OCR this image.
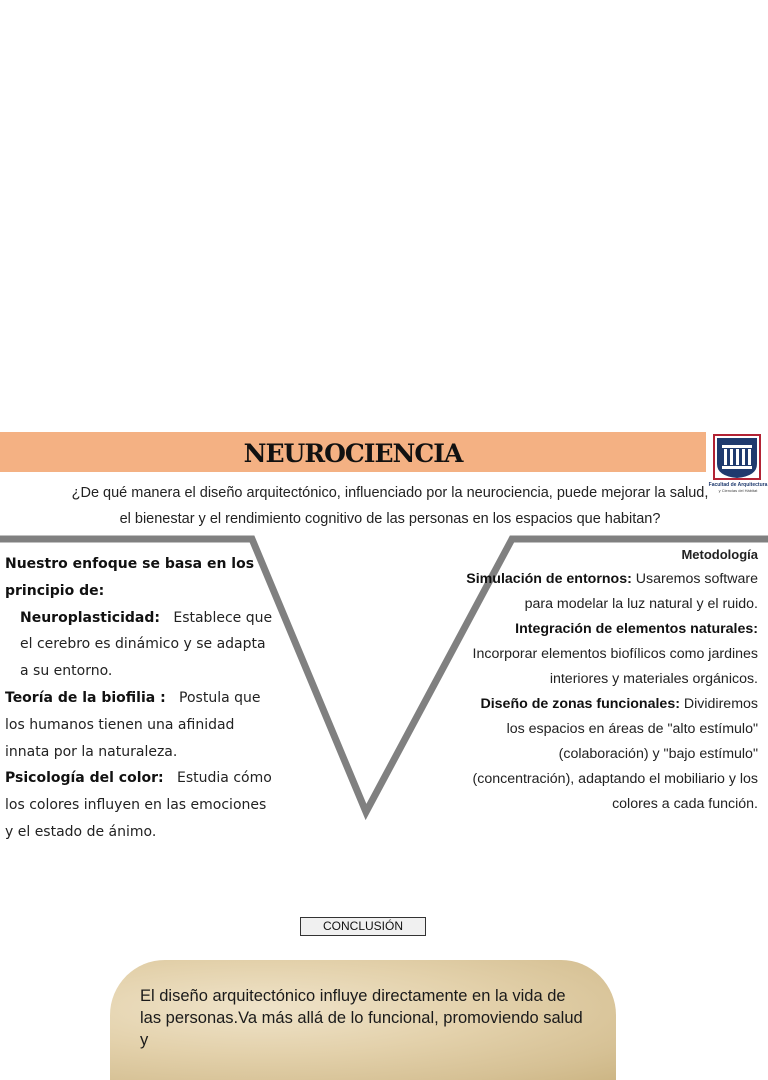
NEUROCIENCIA
Facultad de Arquitectura
y Ciencias del Hábitat
¿De qué manera el diseño arquitectónico, influenciado por la neurociencia, puede mejorar la salud, el bienestar y el rendimiento cognitivo de las personas en los espacios que habitan?
Nuestro enfoque se basa en los principio de:
Neuroplasticidad: Establece que el cerebro es dinámico y se adapta a su entorno.
Teoría de la biofilia : Postula que los humanos tienen una afinidad innata por la naturaleza.
Psicología del color: Estudia cómo los colores influyen en las emociones y el estado de ánimo.
Metodología
Simulación de entornos: Usaremos software para modelar la luz natural y el ruido.
Integración de elementos naturales: Incorporar elementos biofílicos como jardines interiores y materiales orgánicos.
Diseño de zonas funcionales: Dividiremos los espacios en áreas de "alto estímulo" (colaboración) y "bajo estímulo" (concentración), adaptando el mobiliario y los colores a cada función.
CONCLUSIÓN
El diseño arquitectónico influye directamente en la vida de las personas.Va más allá de lo funcional, promoviendo salud y
